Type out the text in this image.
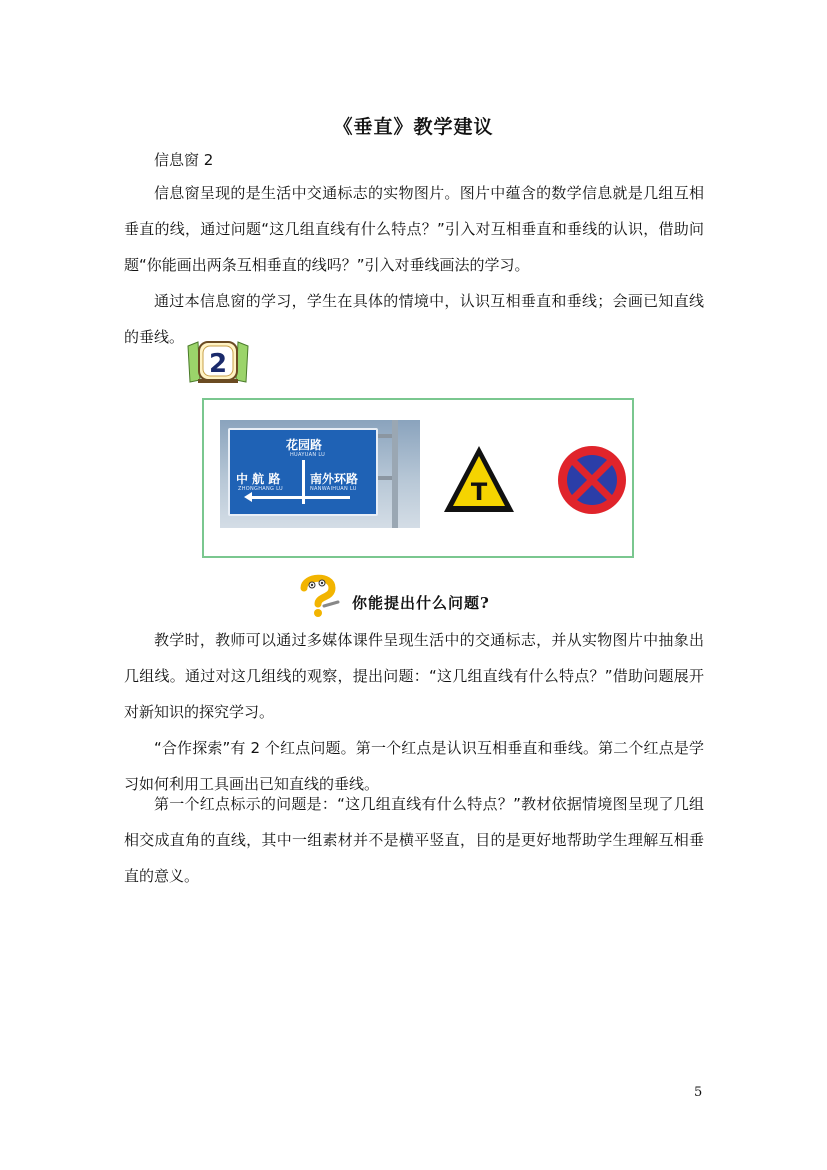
《垂直》教学建议
信息窗 2

信息窗呈现的是生活中交通标志的实物图片。图片中蕴含的数学信息就是几组互相垂直的线，通过问题“这几组直线有什么特点？”引入对互相垂直和垂线的认识，借助问题“你能画出两条互相垂直的线吗？”引入对垂线画法的学习。

通过本信息窗的学习，学生在具体的情境中，认识互相垂直和垂线；会画已知直线的垂线。

2
花园路
HUAYUAN LU
中 航 路
ZHONGHANG LU
南外环路
NANWAIHUAN LU	T
你能提出什么问题?

教学时，教师可以通过多媒体课件呈现生活中的交通标志，并从实物图片中抽象出几组线。通过对这几组线的观察，提出问题：“这几组直线有什么特点？”借助问题展开对新知识的探究学习。

“合作探索”有 2 个红点问题。第一个红点是认识互相垂直和垂线。第二个红点是学习如何利用工具画出已知直线的垂线。

第一个红点标示的问题是：“这几组直线有什么特点？”教材依据情境图呈现了几组相交成直角的直线，其中一组素材并不是横平竖直，目的是更好地帮助学生理解互相垂直的意义。

5
